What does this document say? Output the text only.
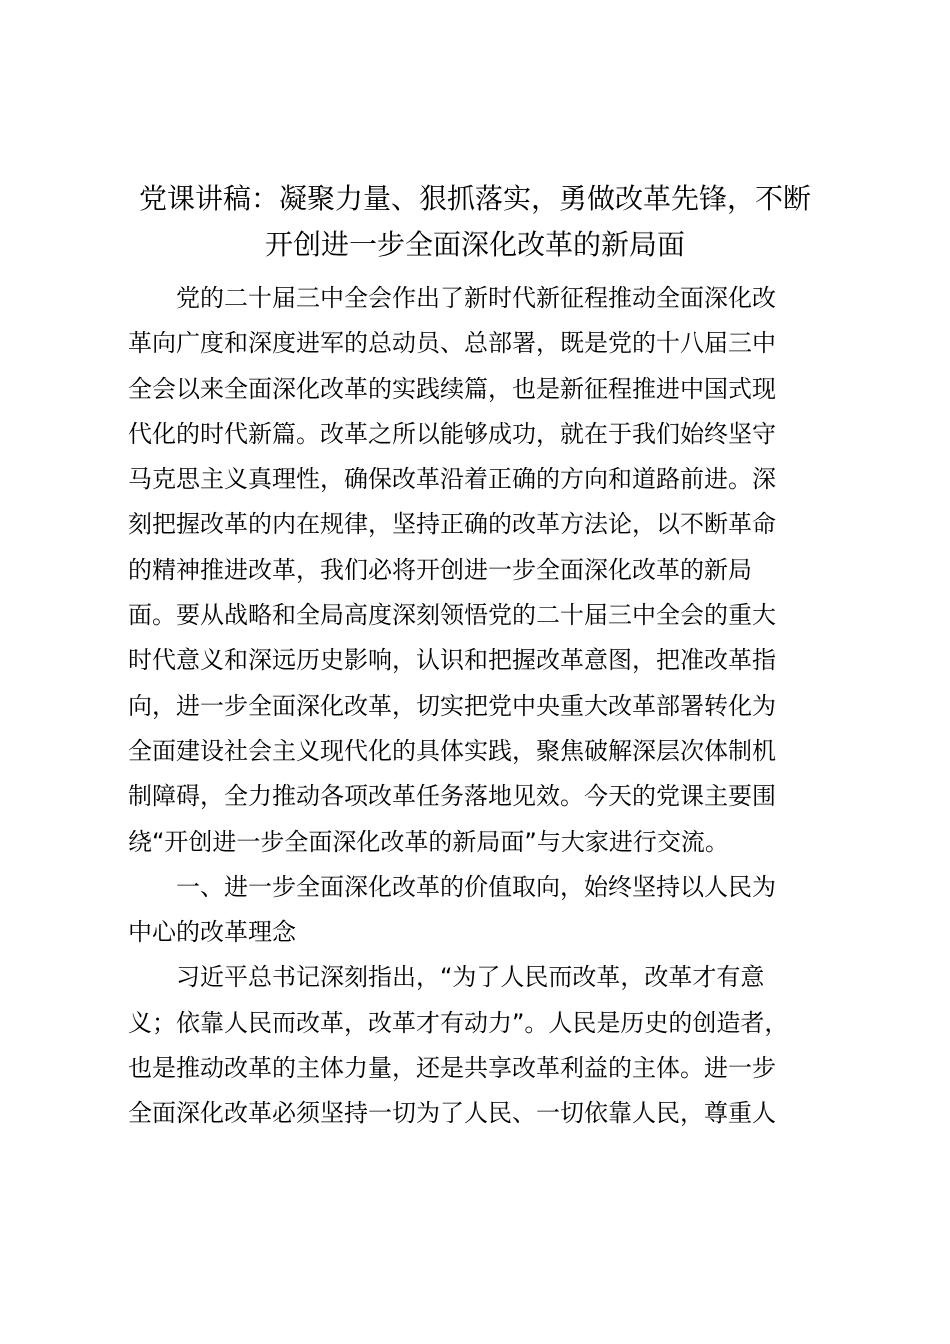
党课讲稿：凝聚力量、狠抓落实，勇做改革先锋，不断
开创进一步全面深化改革的新局面
党的二十届三中全会作出了新时代新征程推动全面深化改
革向广度和深度进军的总动员、总部署，既是党的十八届三中
全会以来全面深化改革的实践续篇，也是新征程推进中国式现
代化的时代新篇。改革之所以能够成功，就在于我们始终坚守
马克思主义真理性，确保改革沿着正确的方向和道路前进。深
刻把握改革的内在规律，坚持正确的改革方法论，以不断革命
的精神推进改革，我们必将开创进一步全面深化改革的新局
面。要从战略和全局高度深刻领悟党的二十届三中全会的重大
时代意义和深远历史影响，认识和把握改革意图，把准改革指
向，进一步全面深化改革，切实把党中央重大改革部署转化为
全面建设社会主义现代化的具体实践，聚焦破解深层次体制机
制障碍，全力推动各项改革任务落地见效。今天的党课主要围
绕“开创进一步全面深化改革的新局面”与大家进行交流。
一、进一步全面深化改革的价值取向，始终坚持以人民为
中心的改革理念
习近平总书记深刻指出，“为了人民而改革，改革才有意
义；依靠人民而改革，改革才有动力”。人民是历史的创造者，
也是推动改革的主体力量，还是共享改革利益的主体。进一步
全面深化改革必须坚持一切为了人民、一切依靠人民，尊重人
